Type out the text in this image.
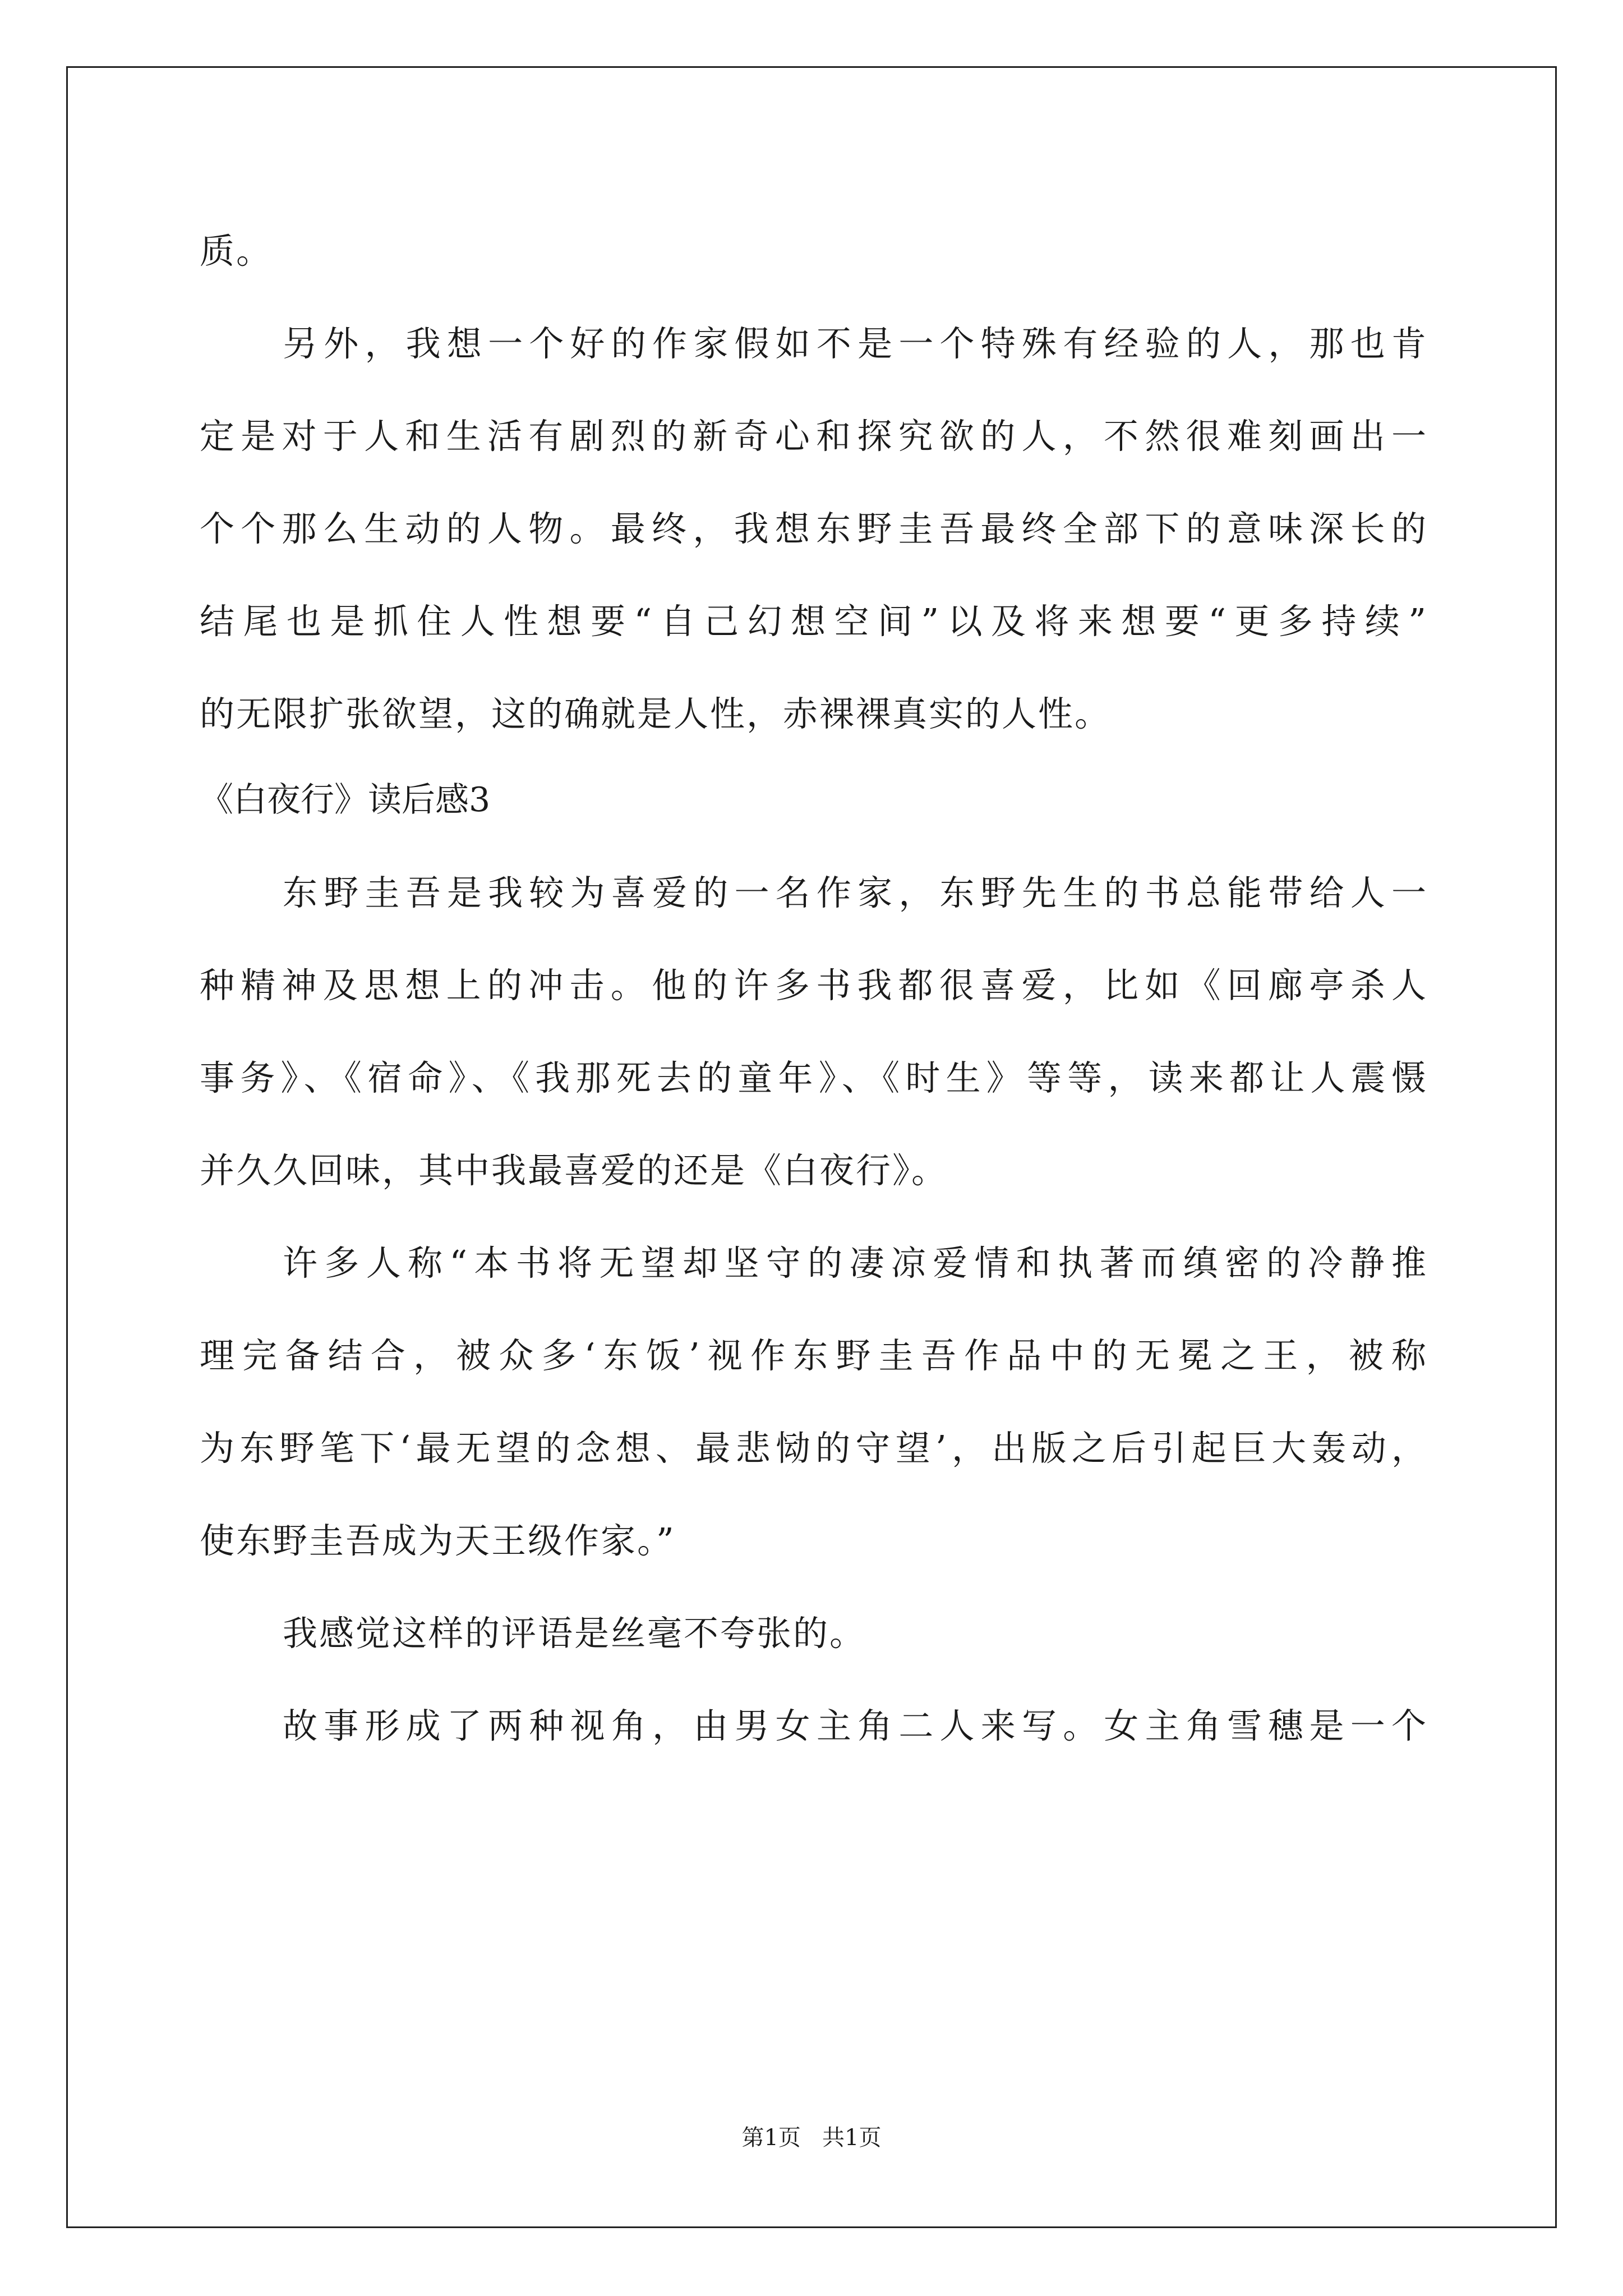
质。
另外，我想一个好的作家假如不是一个特殊有经验的人，那也肯
定是对于人和生活有剧烈的新奇心和探究欲的人，不然很难刻画出一
个个那么生动的人物。最终，我想东野圭吾最终全部下的意味深长的
结尾也是抓住人性想要“自己幻想空间”以及将来想要“更多持续”
的无限扩张欲望，这的确就是人性，赤裸裸真实的人性。
《白夜行》读后感3
东野圭吾是我较为喜爱的一名作家，东野先生的书总能带给人一
种精神及思想上的冲击。他的许多书我都很喜爱，比如《回廊亭杀人
事务》、《宿命》、《我那死去的童年》、《时生》等等，读来都让人震慑
并久久回味，其中我最喜爱的还是《白夜行》。
许多人称“本书将无望却坚守的凄凉爱情和执著而缜密的冷静推
理完备结合，被众多‘东饭’视作东野圭吾作品中的无冕之王，被称
为东野笔下‘最无望的念想、最悲恸的守望’，出版之后引起巨大轰动，
使东野圭吾成为天王级作家。”
我感觉这样的评语是丝毫不夸张的。
故事形成了两种视角，由男女主角二人来写。女主角雪穗是一个
第1页   共1页
